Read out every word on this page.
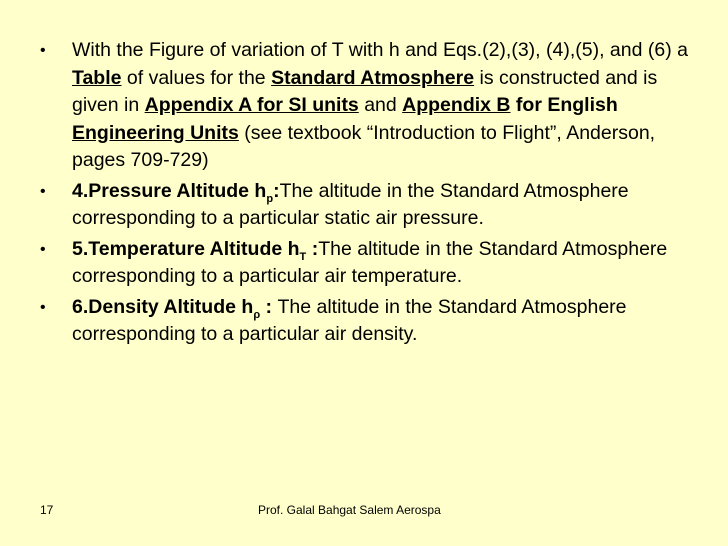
• With the Figure of variation of T with h and Eqs.(2),(3), (4),(5), and (6) a Table of values for the Standard Atmosphere is constructed and is given in Appendix A for SI units and Appendix B for English Engineering Units (see textbook “Introduction to Flight”, Anderson, pages 709-729)
• 4.Pressure Altitude $h_p:The$ altitude in the Standard Atmosphere corresponding to a particular static air pressure.
• 5.Temperature Altitude $h_T$ :The altitude in the Standard Atmosphere corresponding to a particular air temperature.
• 6.Density Altitude $h_\rho$ : The altitude in the Standard Atmosphere corresponding to a particular air density.
17	Prof. Galal Bahgat Salem Aerospa
